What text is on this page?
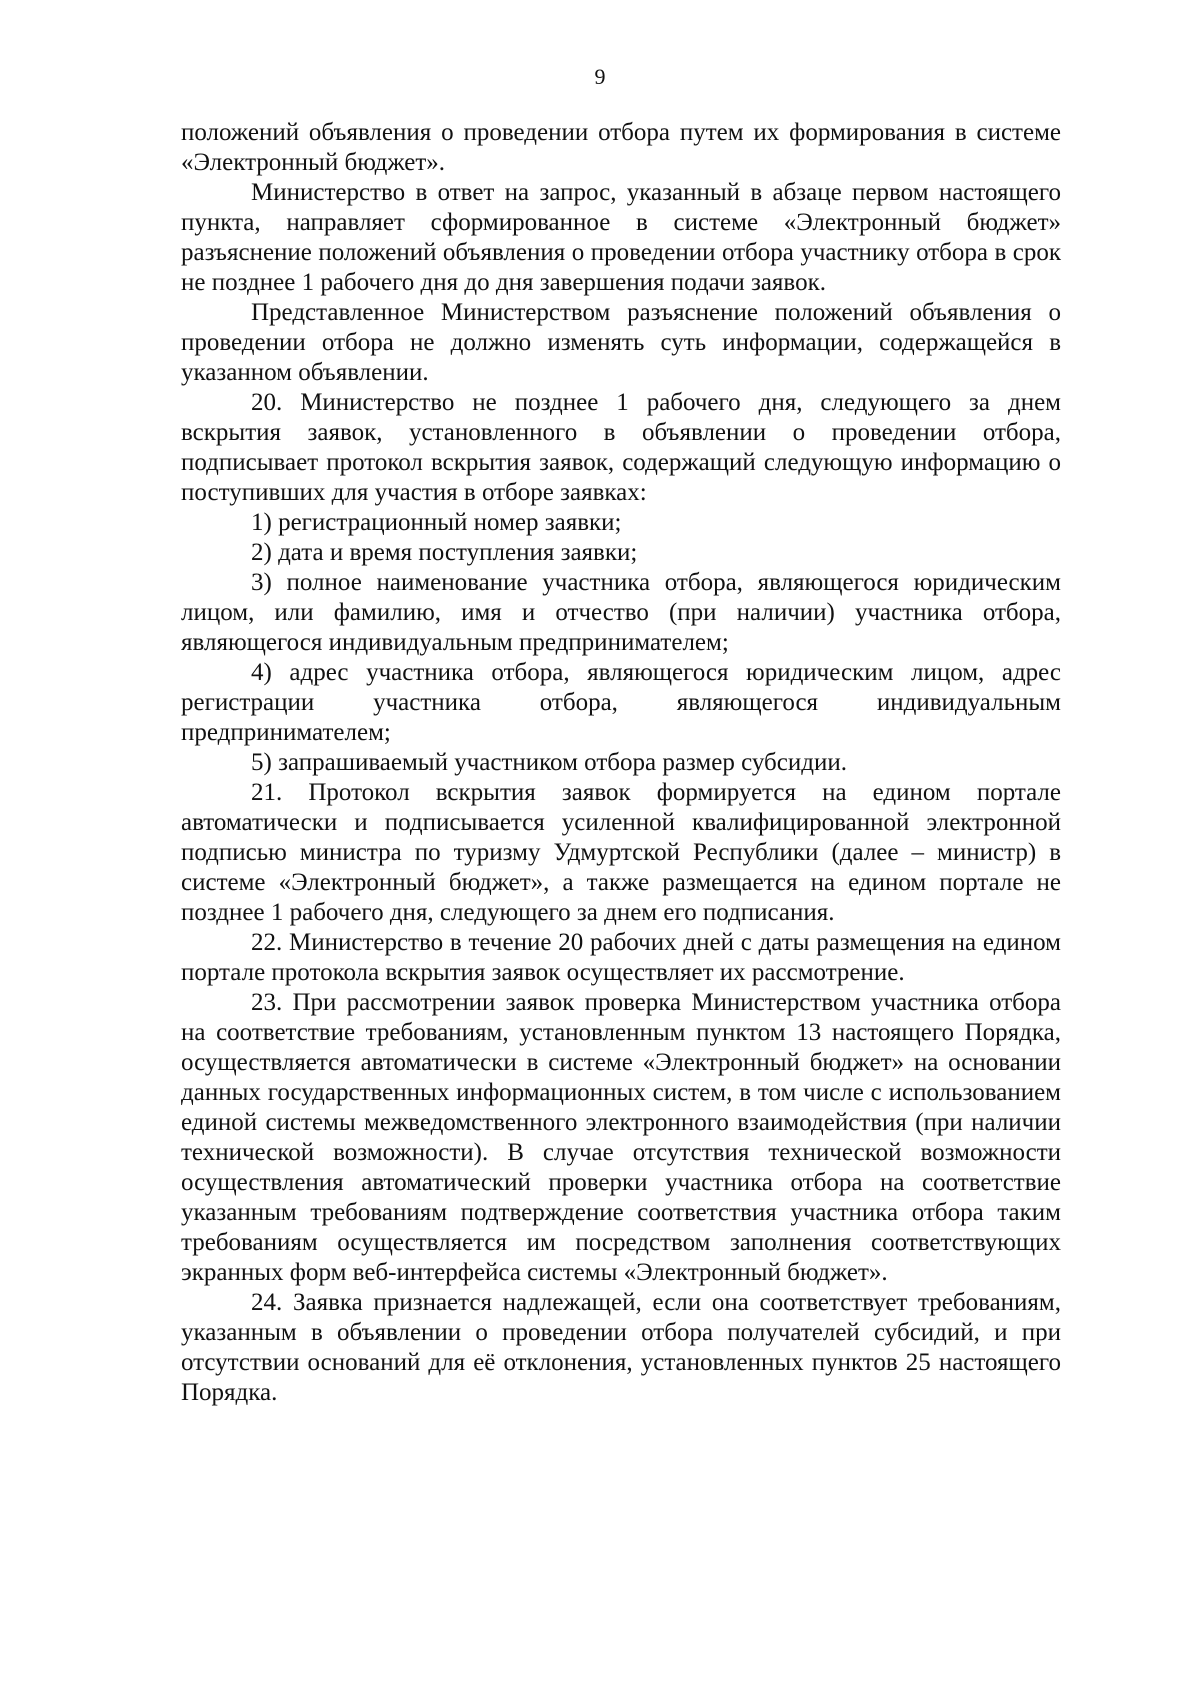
9

положений объявления о проведении отбора путем их формирования в системе «Электронный бюджет».

Министерство в ответ на запрос, указанный в абзаце первом настоящего пункта, направляет сформированное в системе «Электронный бюджет» разъяснение положений объявления о проведении отбора участнику отбора в срок не позднее 1 рабочего дня до дня завершения подачи заявок.

Представленное Министерством разъяснение положений объявления о проведении отбора не должно изменять суть информации, содержащейся в указанном объявлении.

20. Министерство не позднее 1 рабочего дня, следующего за днем вскрытия заявок, установленного в объявлении о проведении отбора, подписывает протокол вскрытия заявок, содержащий следующую информацию о поступивших для участия в отборе заявках:

1) регистрационный номер заявки;

2) дата и время поступления заявки;

3) полное наименование участника отбора, являющегося юридическим лицом, или фамилию, имя и отчество (при наличии) участника отбора, являющегося индивидуальным предпринимателем;

4) адрес участника отбора, являющегося юридическим лицом, адрес регистрации участника отбора, являющегося индивидуальным предпринимателем;

5) запрашиваемый участником отбора размер субсидии.

21. Протокол вскрытия заявок формируется на едином портале автоматически и подписывается усиленной квалифицированной электронной подписью министра по туризму Удмуртской Республики (далее – министр) в системе «Электронный бюджет», а также размещается на едином портале не позднее 1 рабочего дня, следующего за днем его подписания.

22. Министерство в течение 20 рабочих дней с даты размещения на едином портале протокола вскрытия заявок осуществляет их рассмотрение.

23. При рассмотрении заявок проверка Министерством участника отбора на соответствие требованиям, установленным пунктом 13 настоящего Порядка, осуществляется автоматически в системе «Электронный бюджет» на основании данных государственных информационных систем, в том числе с использованием единой системы межведомственного электронного взаимодействия (при наличии технической возможности). В случае отсутствия технической возможности осуществления автоматический проверки участника отбора на соответствие указанным требованиям подтверждение соответствия участника отбора таким требованиям осуществляется им посредством заполнения соответствующих экранных форм веб-интерфейса системы «Электронный бюджет».

24. Заявка признается надлежащей, если она соответствует требованиям, указанным в объявлении о проведении отбора получателей субсидий, и при отсутствии оснований для её отклонения, установленных пунктов 25 настоящего Порядка.
